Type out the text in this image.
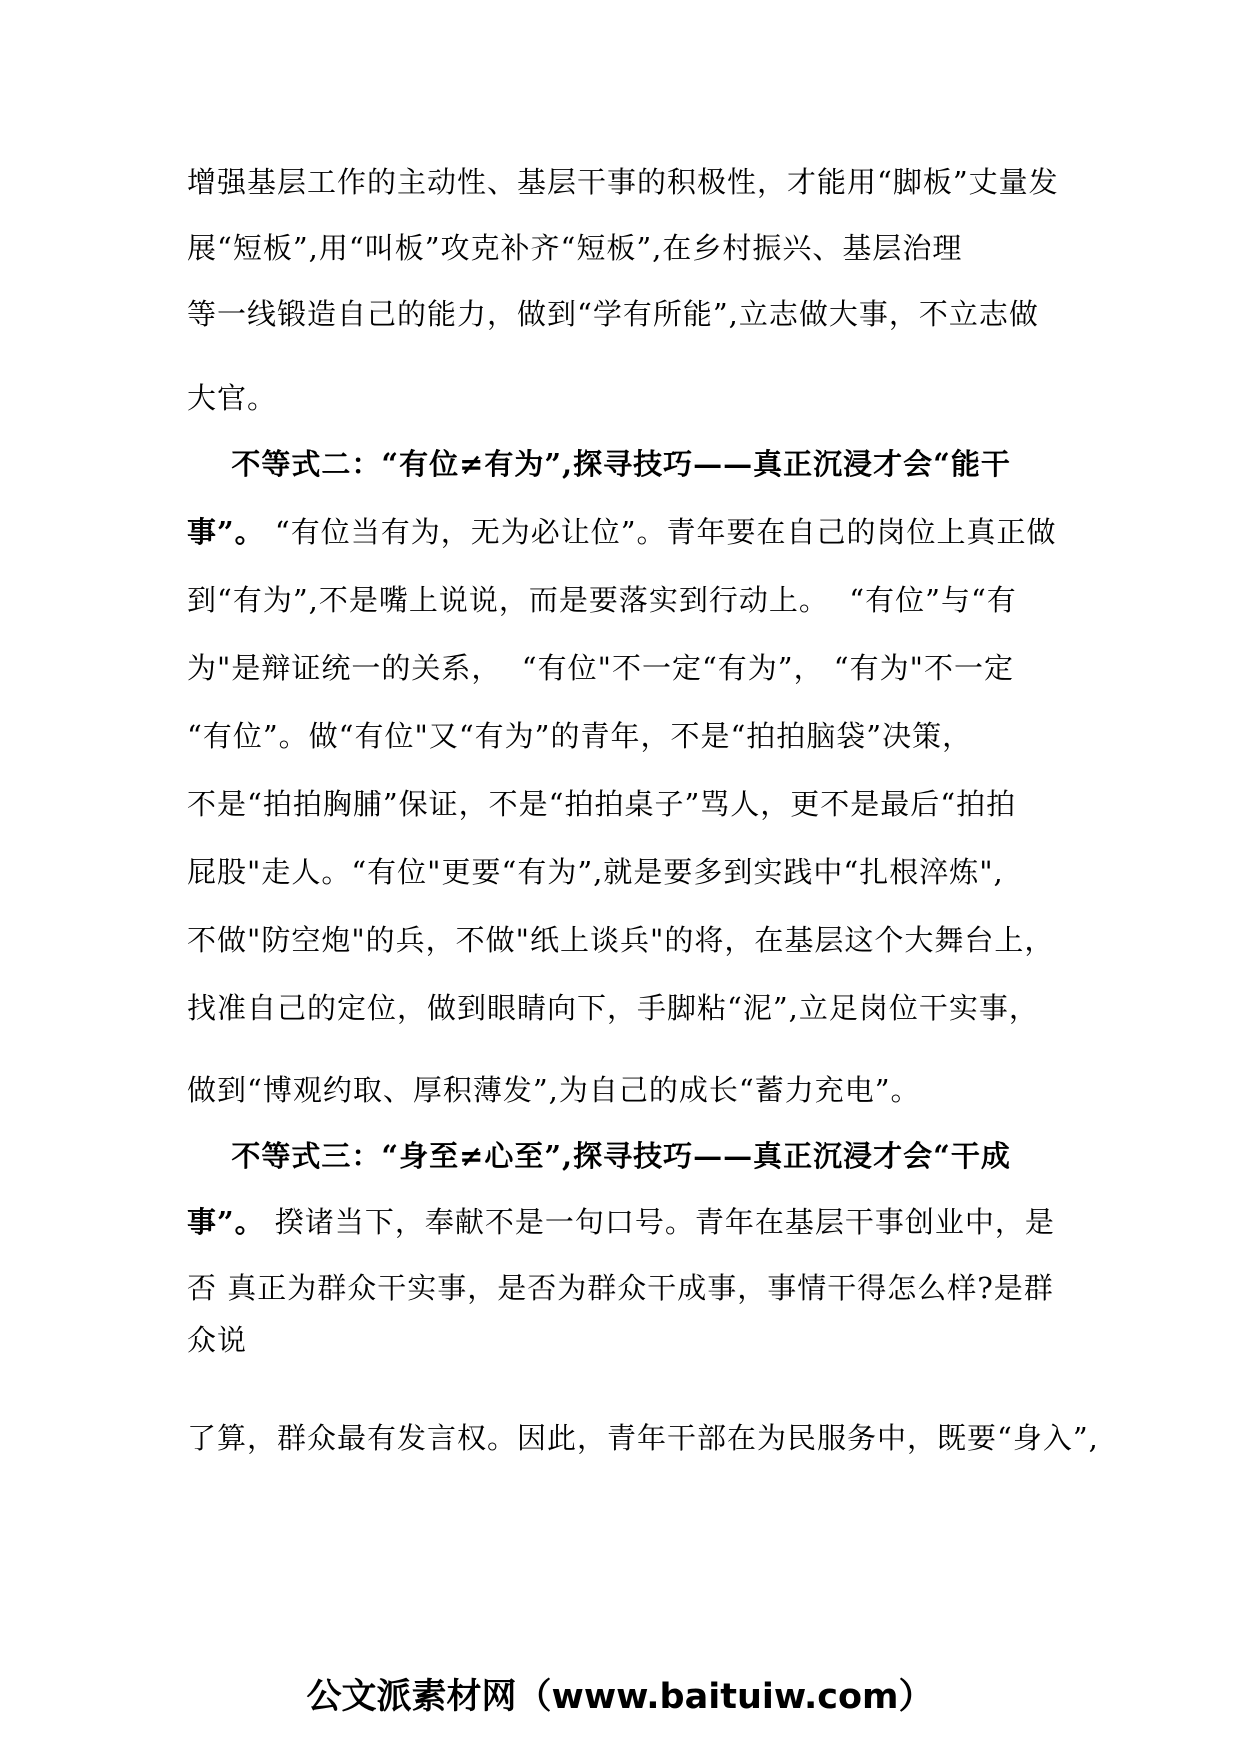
增强基层工作的主动性、基层干事的积极性，才能用“脚板”丈量发
展“短板”,用“叫板”攻克补齐“短板”,在乡村振兴、基层治理
等一线锻造自己的能力，做到“学有所能”,立志做大事，不立志做
大官。
不等式二：“有位≠有为”,探寻技巧——真正沉浸才会“能干
事”。 “有位当有为，无为必让位”。青年要在自己的岗位上真正做
到“有为”,不是嘴上说说，而是要落实到行动上。  “有位”与“有
为"是辩证统一的关系，  “有位"不一定“有为”， “有为"不一定
“有位”。做“有位"又“有为”的青年，不是“拍拍脑袋”决策，
不是“拍拍胸脯”保证，不是“拍拍桌子”骂人，更不是最后“拍拍
屁股"走人。“有位"更要“有为”,就是要多到实践中“扎根淬炼",
不做"防空炮"的兵，不做"纸上谈兵"的将，在基层这个大舞台上，
找准自己的定位，做到眼睛向下，手脚粘“泥”,立足岗位干实事，
做到“博观约取、厚积薄发”,为自己的成长“蓄力充电”。
不等式三：“身至≠心至”,探寻技巧——真正沉浸才会“干成
事”。 揆诸当下，奉献不是一句口号。青年在基层干事创业中，是
否 真正为群众干实事，是否为群众干成事，事情干得怎么样?是群
众说
了算，群众最有发言权。因此，青年干部在为民服务中，既要“身入”,
公文派素材网（www.baituiw.com）
